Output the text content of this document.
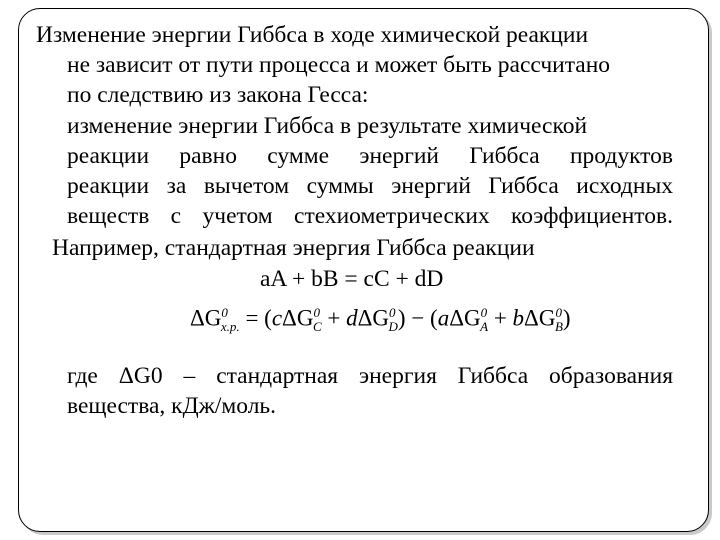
Изменение энергии Гиббса в ходе химической реакции
не зависит от пути процесса и может быть рассчитано
по следствию из закона Гесса:
изменение энергии Гиббса в результате химической
реакции равно сумме энергий Гиббса продуктов
реакции за вычетом суммы энергий Гиббса исходных
веществ с учетом стехиометрических коэффициентов.
Например, стандартная энергия Гиббса реакции
aA + bB = cC + dD
$\Delta G^0_{х.р.} = (c\Delta G^0_C + d\Delta G^0_D) - (a\Delta G^0_A + b\Delta G^0_B)$
где ΔG0 – стандартная энергия Гиббса образования
вещества, кДж/моль.
